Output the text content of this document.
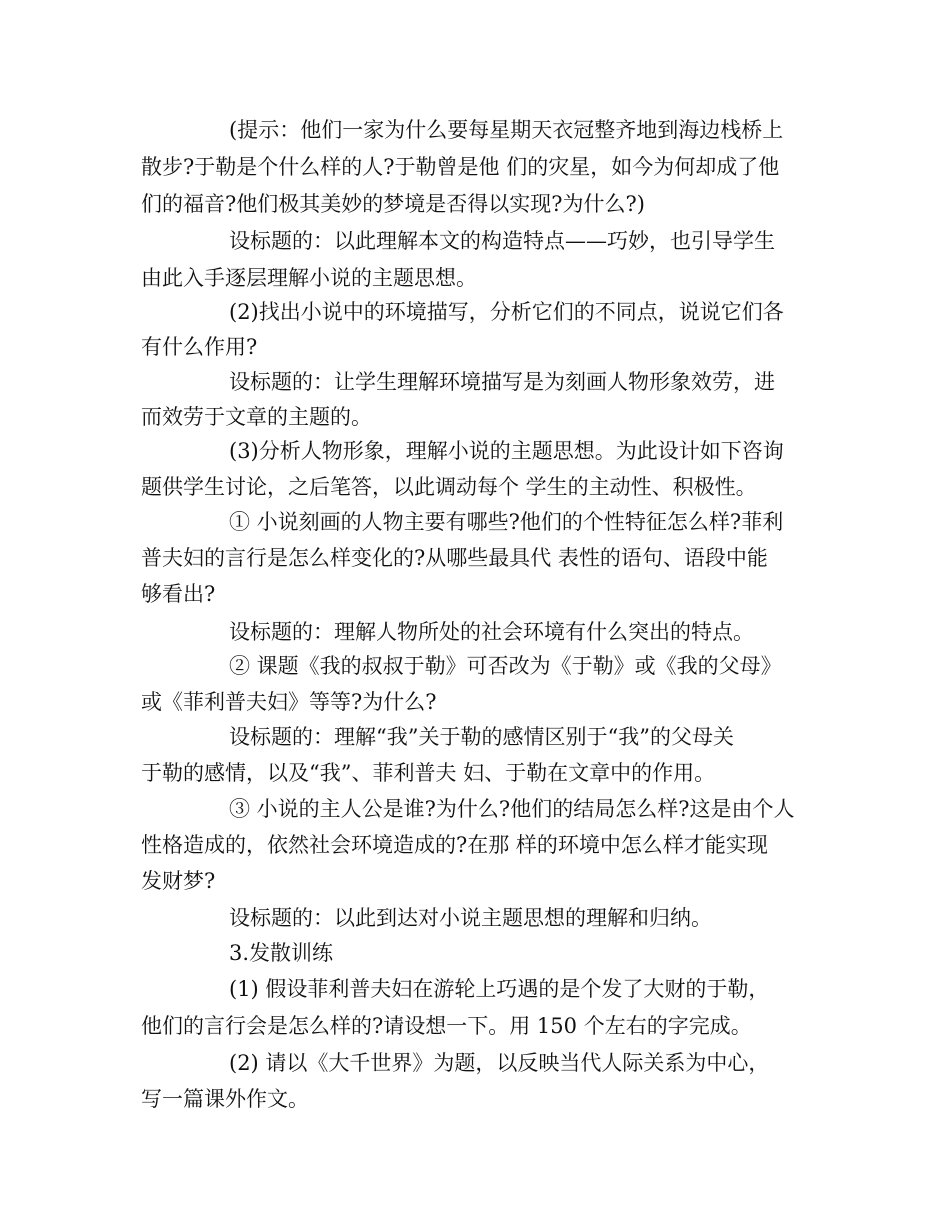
(提示：他们一家为什么要每星期天衣冠整齐地到海边栈桥上
散步?于勒是个什么样的人?于勒曾是他 们的灾星，如今为何却成了他
们的福音?他们极其美妙的梦境是否得以实现?为什么?)
设标题的：以此理解本文的构造特点——巧妙，也引导学生
由此入手逐层理解小说的主题思想。
(2)找出小说中的环境描写，分析它们的不同点，说说它们各
有什么作用?
设标题的：让学生理解环境描写是为刻画人物形象效劳，进
而效劳于文章的主题的。
(3)分析人物形象，理解小说的主题思想。为此设计如下咨询
题供学生讨论，之后笔答，以此调动每个 学生的主动性、积极性。
① 小说刻画的人物主要有哪些?他们的个性特征怎么样?菲利
普夫妇的言行是怎么样变化的?从哪些最具代 表性的语句、语段中能
够看出?
设标题的：理解人物所处的社会环境有什么突出的特点。
② 课题《我的叔叔于勒》可否改为《于勒》或《我的父母》
或《菲利普夫妇》等等?为什么?
设标题的：理解“我”关于勒的感情区别于“我”的父母关
于勒的感情，以及“我”、菲利普夫 妇、于勒在文章中的作用。
③ 小说的主人公是谁?为什么?他们的结局怎么样?这是由个人
性格造成的，依然社会环境造成的?在那 样的环境中怎么样才能实现
发财梦?
设标题的：以此到达对小说主题思想的理解和归纳。
3.发散训练
(1) 假设菲利普夫妇在游轮上巧遇的是个发了大财的于勒，
他们的言行会是怎么样的?请设想一下。用 150 个左右的字完成。
(2) 请以《大千世界》为题，以反映当代人际关系为中心，
写一篇课外作文。
